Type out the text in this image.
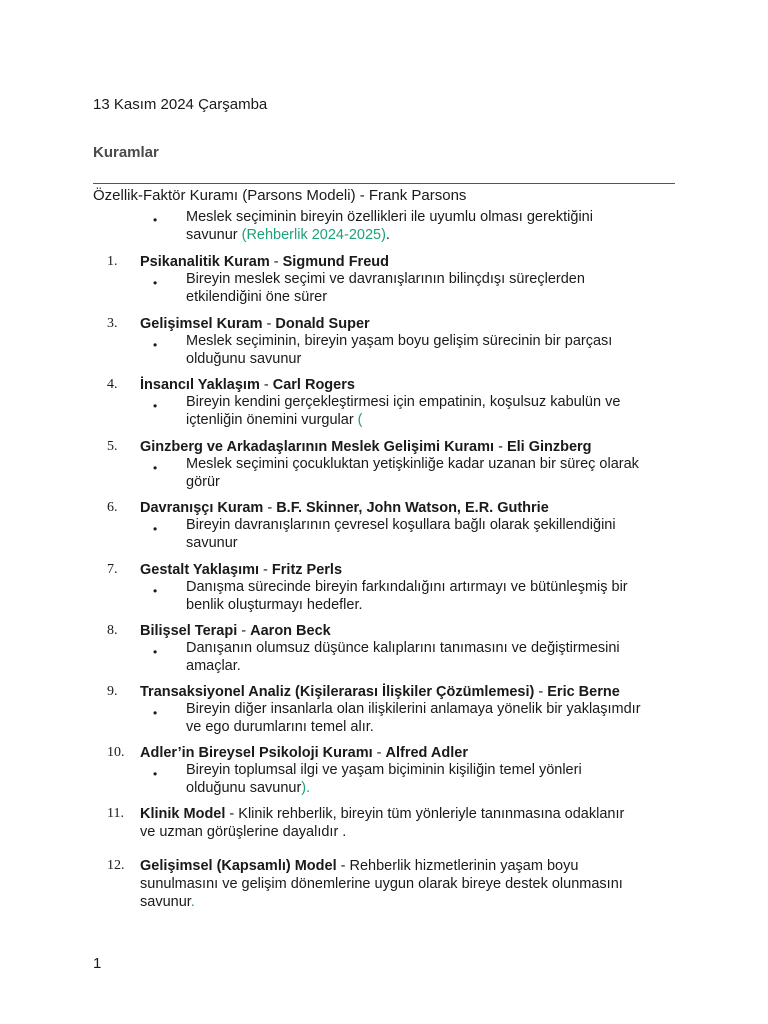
13 Kasım 2024 Çarşamba
Kuramlar
Özellik-Faktör Kuramı (Parsons Modeli) - Frank Parsons
• Meslek seçiminin bireyin özellikleri ile uyumlu olması gerektiğini
savunur (Rehberlik 2024-2025).
1.	Psikanalitik Kuram - Sigmund Freud
• Bireyin meslek seçimi ve davranışlarının bilinçdışı süreçlerden
etkilendiğini öne sürer
3.	Gelişimsel Kuram - Donald Super
• Meslek seçiminin, bireyin yaşam boyu gelişim sürecinin bir parçası
olduğunu savunur
4.	İnsancıl Yaklaşım - Carl Rogers
• Bireyin kendini gerçekleştirmesi için empatinin, koşulsuz kabulün ve
içtenliğin önemini vurgular (
5.	Ginzberg ve Arkadaşlarının Meslek Gelişimi Kuramı - Eli Ginzberg
• Meslek seçimini çocukluktan yetişkinliğe kadar uzanan bir süreç olarak
görür
6.	Davranışçı Kuram - B.F. Skinner, John Watson, E.R. Guthrie
• Bireyin davranışlarının çevresel koşullara bağlı olarak şekillendiğini
savunur
7.	Gestalt Yaklaşımı - Fritz Perls
• Danışma sürecinde bireyin farkındalığını artırmayı ve bütünleşmiş bir
benlik oluşturmayı hedefler.
8.	Bilişsel Terapi - Aaron Beck
• Danışanın olumsuz düşünce kalıplarını tanımasını ve değiştirmesini
amaçlar.
9.	Transaksiyonel Analiz (Kişilerarası İlişkiler Çözümlemesi) - Eric Berne
• Bireyin diğer insanlarla olan ilişkilerini anlamaya yönelik bir yaklaşımdır
ve ego durumlarını temel alır.
10.	Adler’in Bireysel Psikoloji Kuramı - Alfred Adler
• Bireyin toplumsal ilgi ve yaşam biçiminin kişiliğin temel yönleri
olduğunu savunur).
11.	Klinik Model - Klinik rehberlik, bireyin tüm yönleriyle tanınmasına odaklanır
ve uzman görüşlerine dayalıdır .
12.	Gelişimsel (Kapsamlı) Model - Rehberlik hizmetlerinin yaşam boyu
sunulmasını ve gelişim dönemlerine uygun olarak bireye destek olunmasını
savunur.
1
